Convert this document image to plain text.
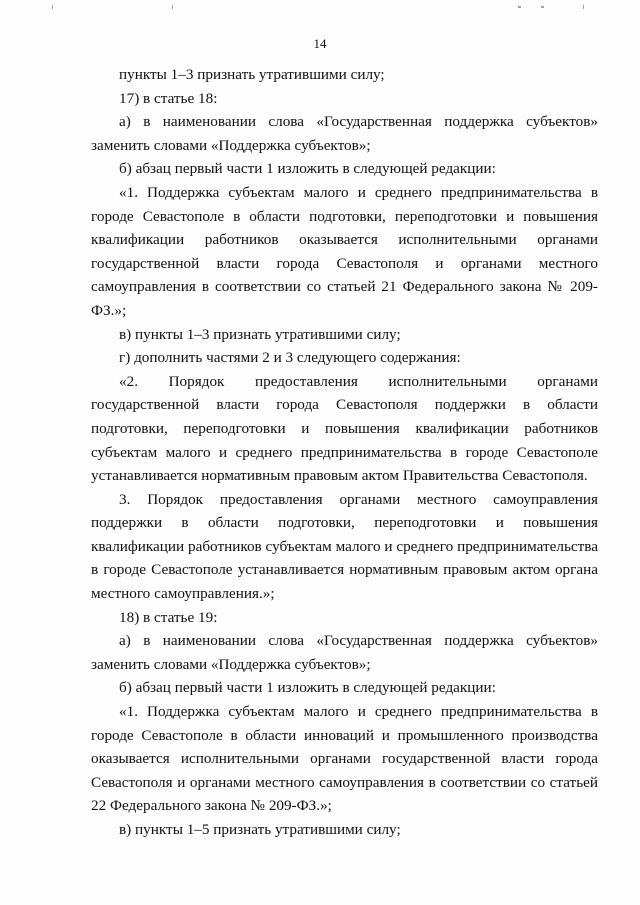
14

пункты 1–3 признать утратившими силу;

17) в статье 18:

а) в наименовании слова «Государственная поддержка субъектов» заменить словами «Поддержка субъектов»;

б) абзац первый части 1 изложить в следующей редакции:

«1. Поддержка субъектам малого и среднего предпринимательства в городе Севастополе в области подготовки, переподготовки и повышения квалификации работников оказывается исполнительными органами государственной власти города Севастополя и органами местного самоуправления в соответствии со статьей 21 Федерального закона № 209-ФЗ.»;

в) пункты 1–3 признать утратившими силу;

г) дополнить частями 2 и 3 следующего содержания:

«2. Порядок предоставления исполнительными органами государственной власти города Севастополя поддержки в области подготовки, переподготовки и повышения квалификации работников субъектам малого и среднего предпринимательства в городе Севастополе устанавливается нормативным правовым актом Правительства Севастополя.

3. Порядок предоставления органами местного самоуправления поддержки в области подготовки, переподготовки и повышения квалификации работников субъектам малого и среднего предпринимательства в городе Севастополе устанавливается нормативным правовым актом органа местного самоуправления.»;

18) в статье 19:

а) в наименовании слова «Государственная поддержка субъектов» заменить словами «Поддержка субъектов»;

б) абзац первый части 1 изложить в следующей редакции:

«1. Поддержка субъектам малого и среднего предпринимательства в городе Севастополе в области инноваций и промышленного производства оказывается исполнительными органами государственной власти города Севастополя и органами местного самоуправления в соответствии со статьей 22 Федерального закона № 209-ФЗ.»;

в) пункты 1–5 признать утратившими силу;
